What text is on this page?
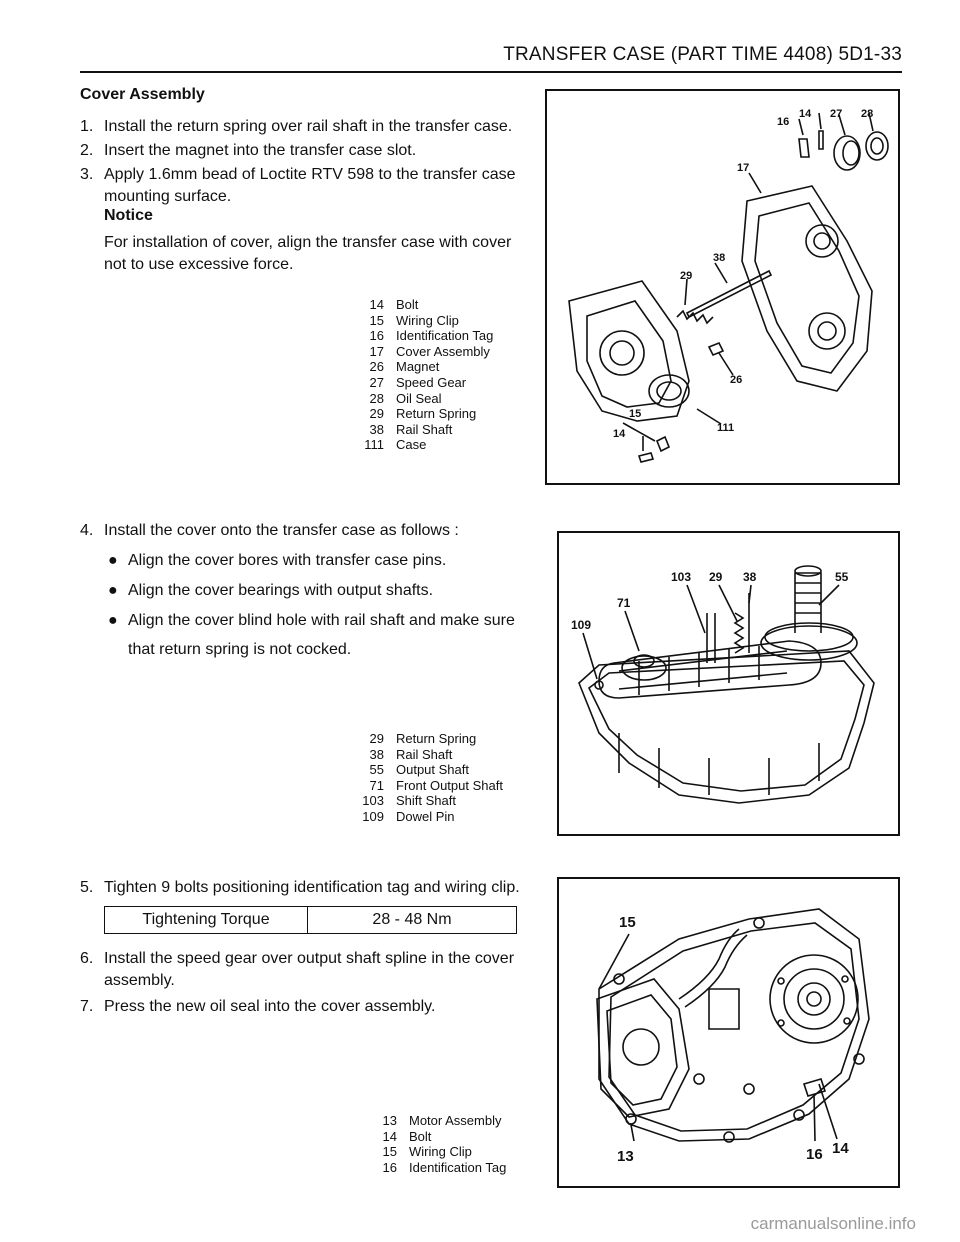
TRANSFER CASE (PART TIME 4408) 5D1-33
Cover Assembly
1. Install the return spring over rail shaft in the transfer case.
2. Insert the magnet into the transfer case slot.
3. Apply 1.6mm bead of Loctite RTV 598 to the transfer case
mounting surface.
Notice
For installation of cover, align the transfer case with cover
not to use excessive force.
14 Bolt
15 Wiring Clip
16 Identification Tag
17 Cover Assembly
26 Magnet
27 Speed Gear
28 Oil Seal
29 Return Spring
38 Rail Shaft
111 Case
14
16
27 28
17
38
29
26
15
14	111
4. Install the cover onto the transfer case as follows :
● Align the cover bores with transfer case pins.
● Align the cover bearings with output shafts.
● Align the cover blind hole with rail shaft and make sure
that return spring is not cocked.
29 Return Spring
38 Rail Shaft
55 Output Shaft
71 Front Output Shaft
103 Shift Shaft
109 Dowel Pin
103 29 38	55
71
109
5. Tighten 9 bolts positioning identification tag and wiring clip.
Tightening Torque	28 - 48 Nm
6. Install the speed gear over output shaft spline in the cover
assembly.
7. Press the new oil seal into the cover assembly.
13 Motor Assembly
14 Bolt
15 Wiring Clip
16 Identification Tag
15
14
13	16
carmanualsonline.info
